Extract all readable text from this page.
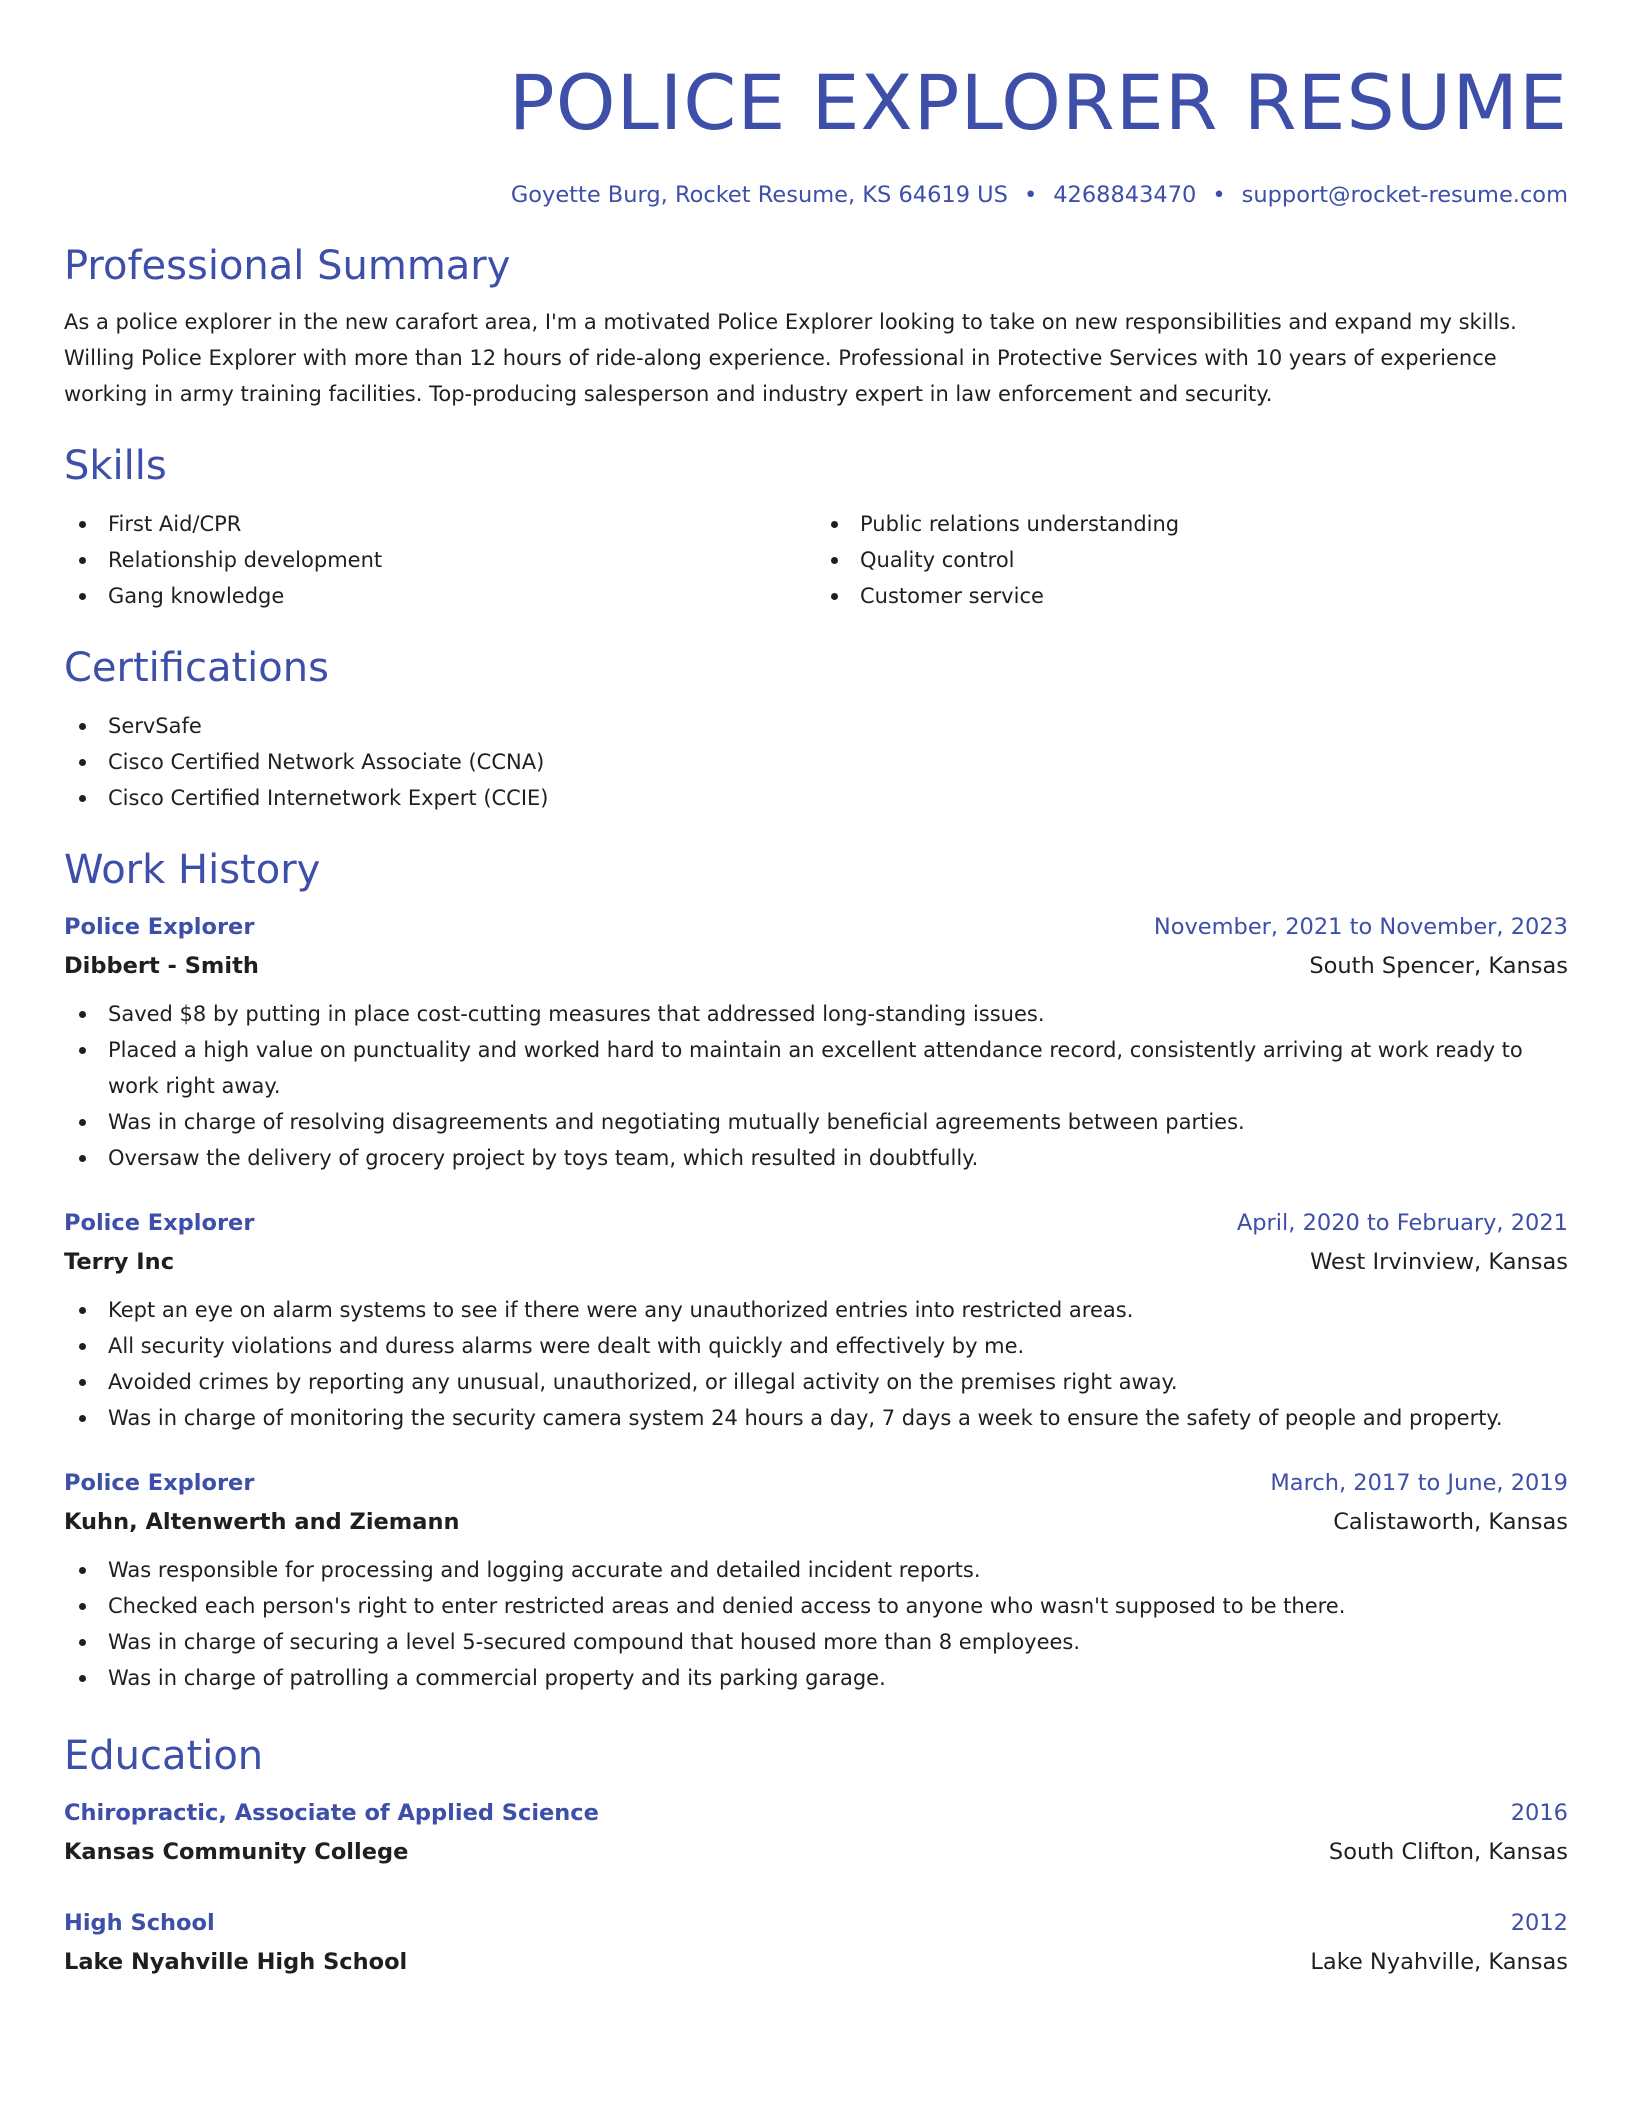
POLICE EXPLORER RESUME
Goyette Burg, Rocket Resume, KS 64619 US • 4268843470 • support@rocket-resume.com
Professional Summary
As a police explorer in the new carafort area, I'm a motivated Police Explorer looking to take on new responsibilities and expand my skills. Willing Police Explorer with more than 12 hours of ride-along experience. Professional in Protective Services with 10 years of experience working in army training facilities. Top-producing salesperson and industry expert in law enforcement and security.
Skills
First Aid/CPR
Relationship development
Gang knowledge
Public relations understanding
Quality control
Customer service
Certifications
ServSafe
Cisco Certified Network Associate (CCNA)
Cisco Certified Internetwork Expert (CCIE)
Work History
Police Explorer	November, 2021 to November, 2023
Dibbert - Smith	South Spencer, Kansas
Saved $8 by putting in place cost-cutting measures that addressed long-standing issues.
Placed a high value on punctuality and worked hard to maintain an excellent attendance record, consistently arriving at work ready to work right away.
Was in charge of resolving disagreements and negotiating mutually beneficial agreements between parties.
Oversaw the delivery of grocery project by toys team, which resulted in doubtfully.
Police Explorer	April, 2020 to February, 2021
Terry Inc	West Irvinview, Kansas
Kept an eye on alarm systems to see if there were any unauthorized entries into restricted areas.
All security violations and duress alarms were dealt with quickly and effectively by me.
Avoided crimes by reporting any unusual, unauthorized, or illegal activity on the premises right away.
Was in charge of monitoring the security camera system 24 hours a day, 7 days a week to ensure the safety of people and property.
Police Explorer	March, 2017 to June, 2019
Kuhn, Altenwerth and Ziemann	Calistaworth, Kansas
Was responsible for processing and logging accurate and detailed incident reports.
Checked each person's right to enter restricted areas and denied access to anyone who wasn't supposed to be there.
Was in charge of securing a level 5-secured compound that housed more than 8 employees.
Was in charge of patrolling a commercial property and its parking garage.
Education
Chiropractic, Associate of Applied Science	2016
Kansas Community College	South Clifton, Kansas
High School	2012
Lake Nyahville High School	Lake Nyahville, Kansas
